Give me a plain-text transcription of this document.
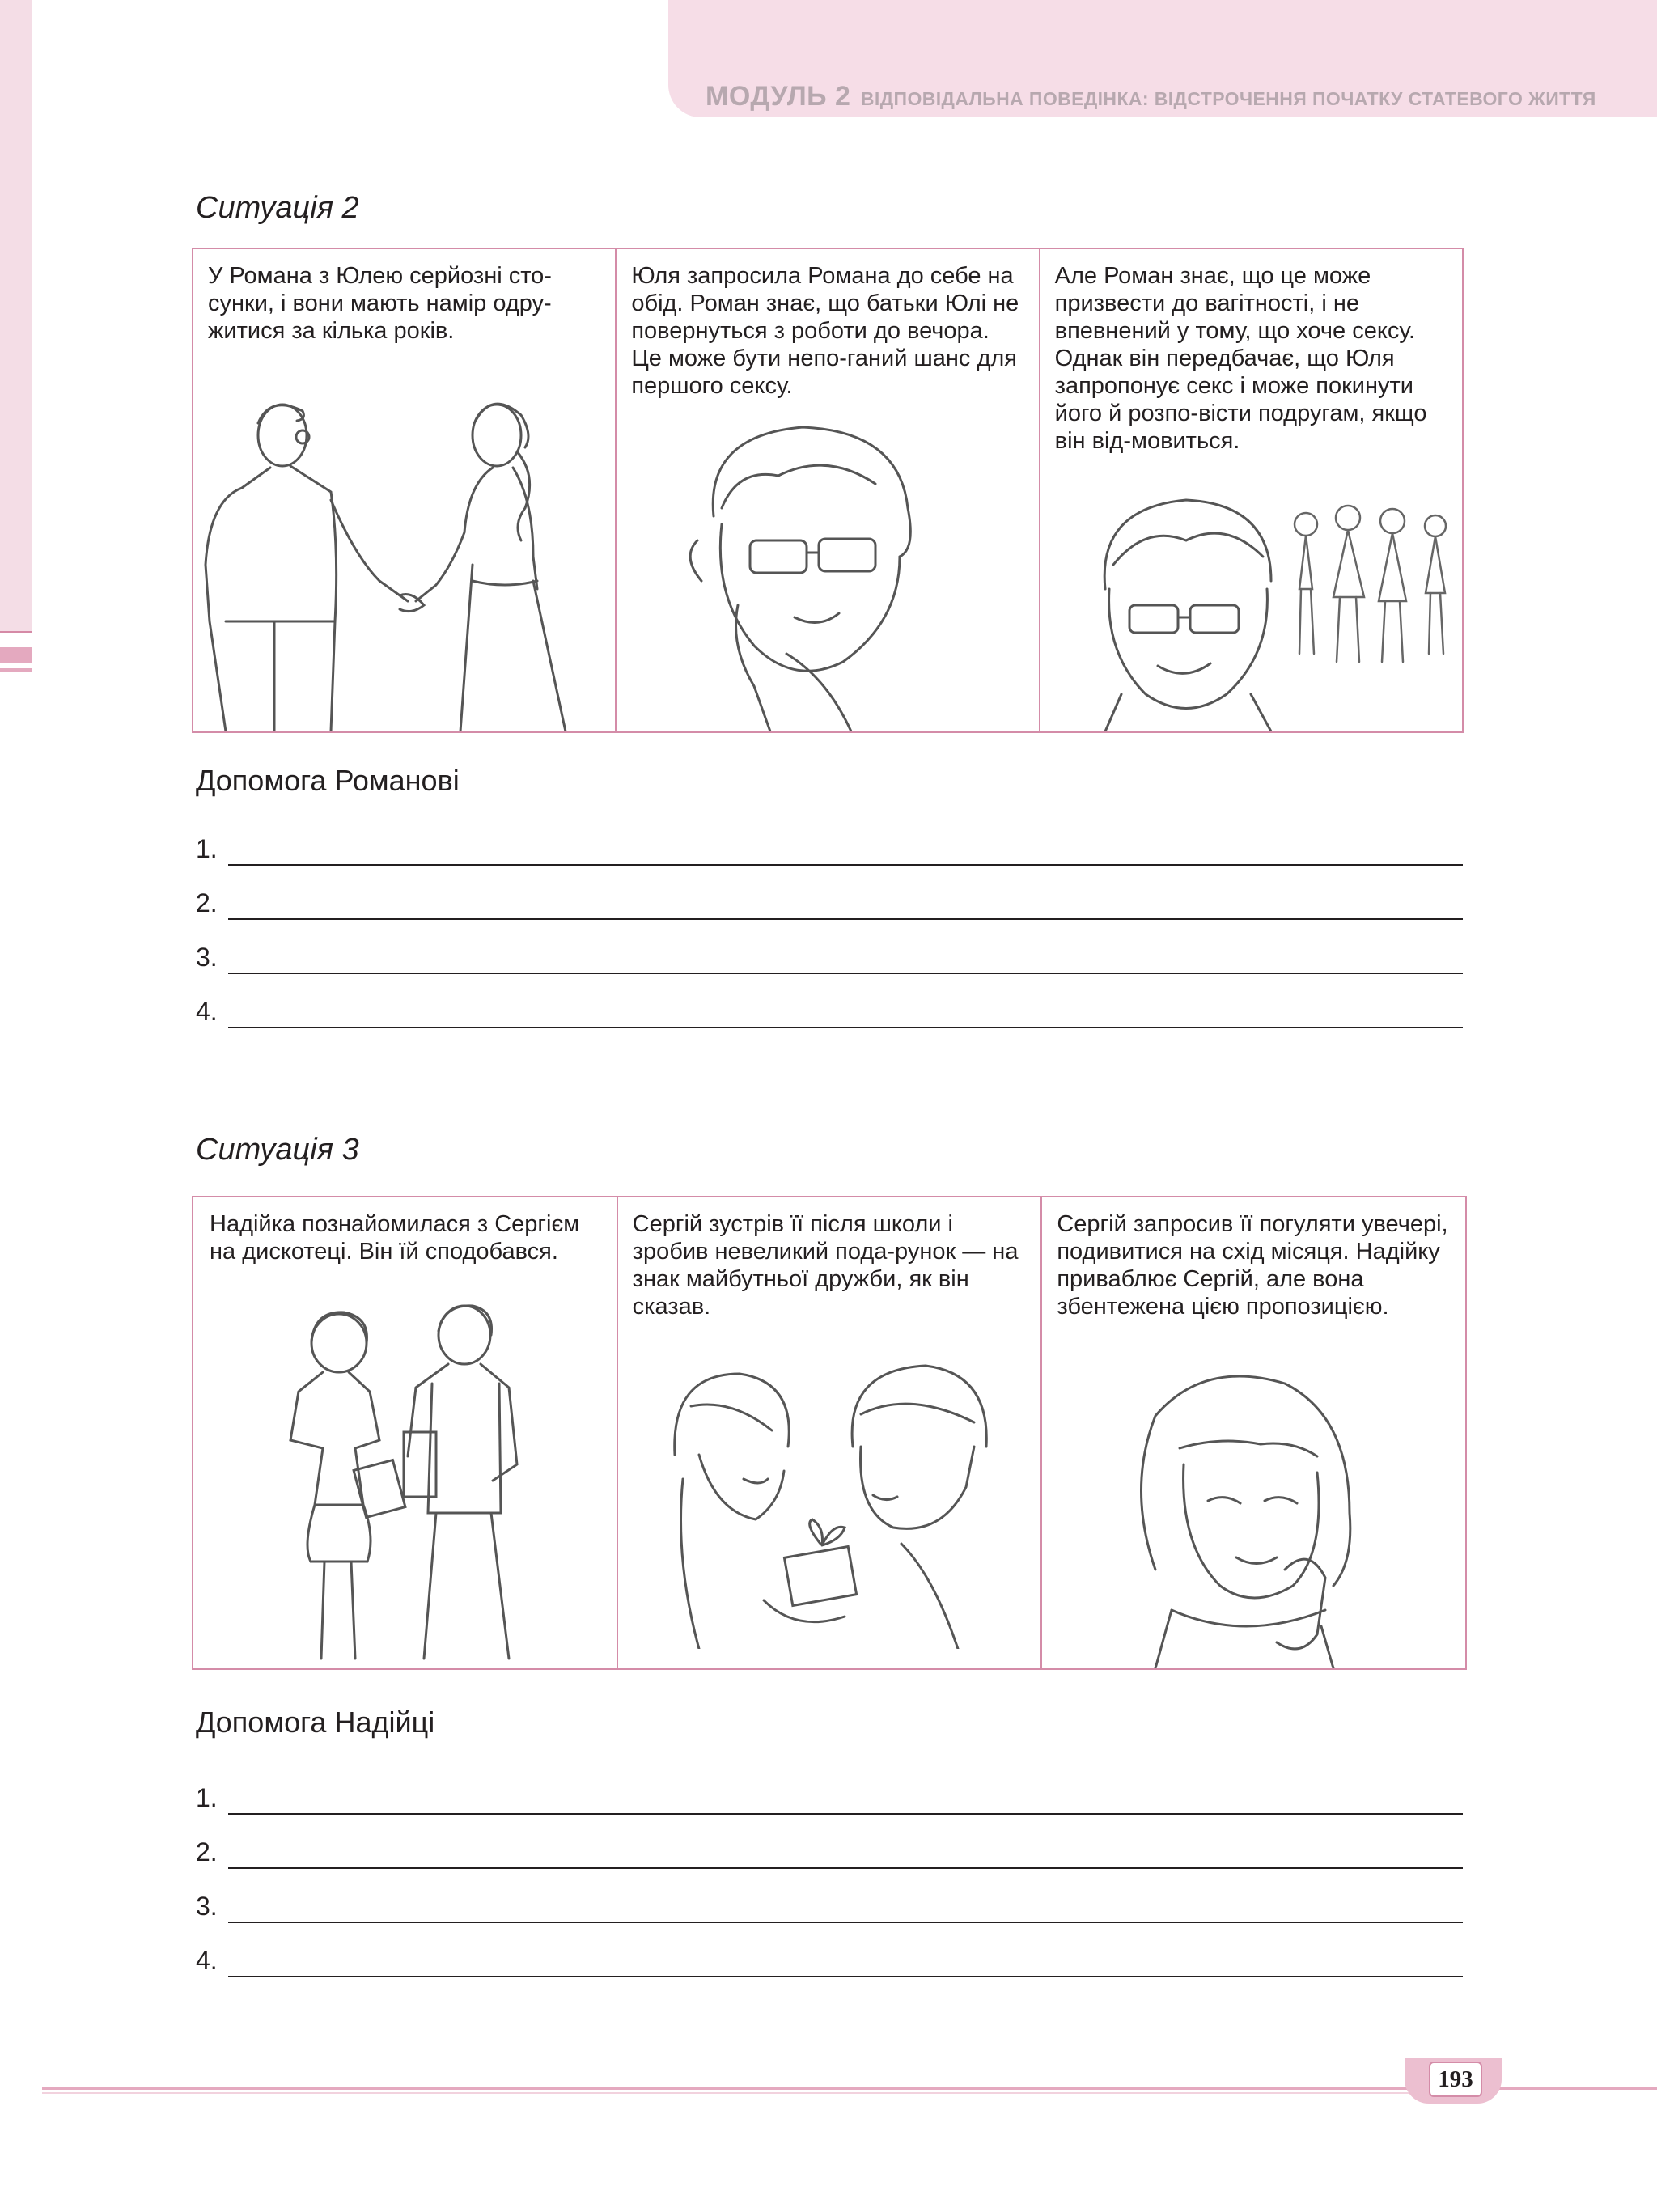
МОДУЛЬ 2 ВІДПОВІДАЛЬНА ПОВЕДІНКА: ВІДСТРОЧЕННЯ ПОЧАТКУ СТАТЕВОГО ЖИТТЯ
Ситуація 2
У Романа з Юлею серйозні сто-сунки, і вони мають намір одру-житися за кілька років.
Юля запросила Романа до себе на обід. Роман знає, що батьки Юлі не повернуться з роботи до вечора. Це може бути непо-ганий шанс для першого сексу.
Але Роман знає, що це може призвести до вагітності, і не впевнений у тому, що хоче сексу. Однак він передбачає, що Юля запропонує секс і може покинути його й розпо-вісти подругам, якщо він від-мовиться.
Допомога Романові
1.
2.
3.
4.
Ситуація 3
Надійка познайомилася з Сергієм на дискотеці. Він їй сподобався.
Сергій зустрів її після школи і зробив невеликий пода-рунок — на знак майбутньої дружби, як він сказав.
Сергій запросив її погуляти увечері, подивитися на схід місяця. Надійку приваблює Сергій, але вона збентежена цією пропозицією.
Допомога Надійці
1.
2.
3.
4.
193
